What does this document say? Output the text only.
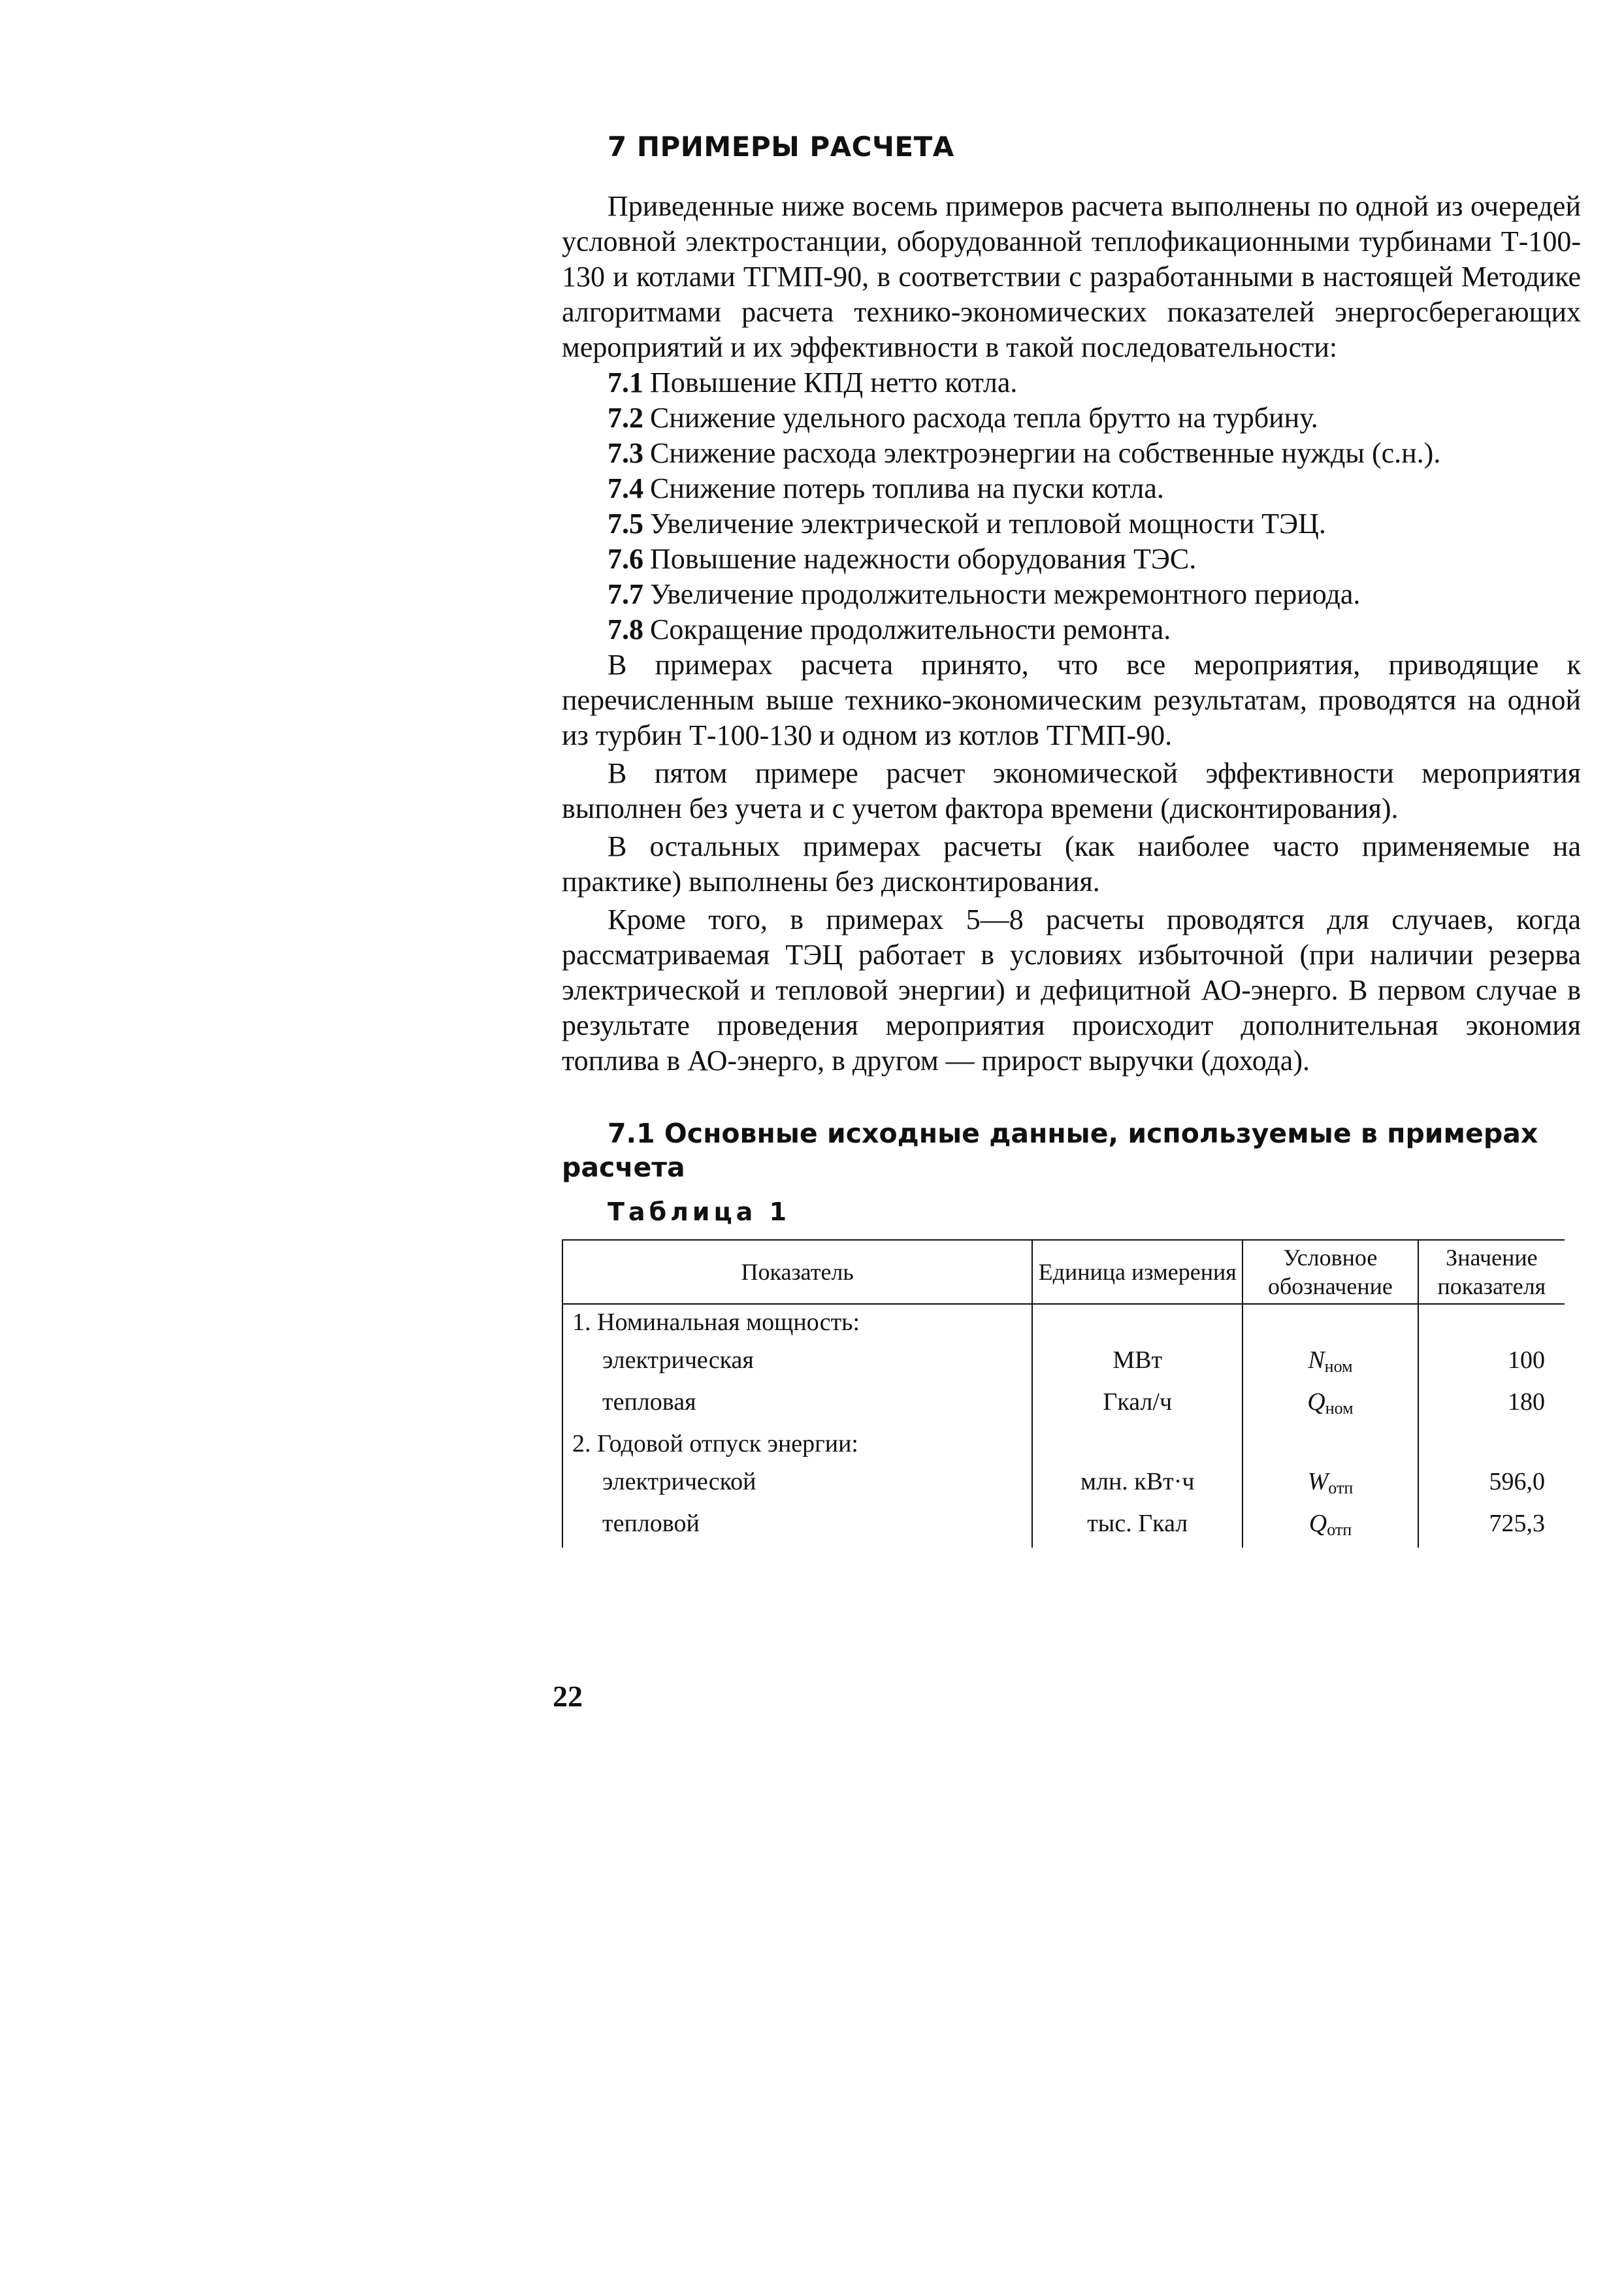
7 ПРИМЕРЫ РАСЧЕТА

Приведенные ниже восемь примеров расчета выполнены по одной из очередей условной электростанции, оборудованной теплофикационными турбинами Т-100-130 и котлами ТГМП-90, в соответствии с разработанными в настоящей Методике алгоритмами расчета технико-экономических показателей энергосберегающих мероприятий и их эффективности в такой последовательности:

7.1 Повышение КПД нетто котла.
7.2 Снижение удельного расхода тепла брутто на турбину.
7.3 Снижение расхода электроэнергии на собственные нужды (с.н.).
7.4 Снижение потерь топлива на пуски котла.
7.5 Увеличение электрической и тепловой мощности ТЭЦ.
7.6 Повышение надежности оборудования ТЭС.
7.7 Увеличение продолжительности межремонтного периода.
7.8 Сокращение продолжительности ремонта.

В примерах расчета принято, что все мероприятия, приводящие к перечисленным выше технико-экономическим результатам, проводятся на одной из турбин Т-100-130 и одном из котлов ТГМП-90.

В пятом примере расчет экономической эффективности мероприятия выполнен без учета и с учетом фактора времени (дисконтирования).

В остальных примерах расчеты (как наиболее часто применяемые на практике) выполнены без дисконтирования.

Кроме того, в примерах 5—8 расчеты проводятся для случаев, когда рассматриваемая ТЭЦ работает в условиях избыточной (при наличии резерва электрической и тепловой энергии) и дефицитной АО-энерго. В первом случае в результате проведения мероприятия происходит дополнительная экономия топлива в АО-энерго, в другом — прирост выручки (дохода).

7.1 Основные исходные данные, используемые в примерах расчета
Таблица 1
Показатель	Единица измерения	Условное обозначение	Значение показателя
1. Номинальная мощность:			
электрическая	МВт	Nном	100
тепловая	Гкал/ч	Qном	180
2. Годовой отпуск энергии:			
электрической	млн. кВт·ч	Wотп	596,0
тепловой	тыс. Гкал	Qотп	725,3
22
